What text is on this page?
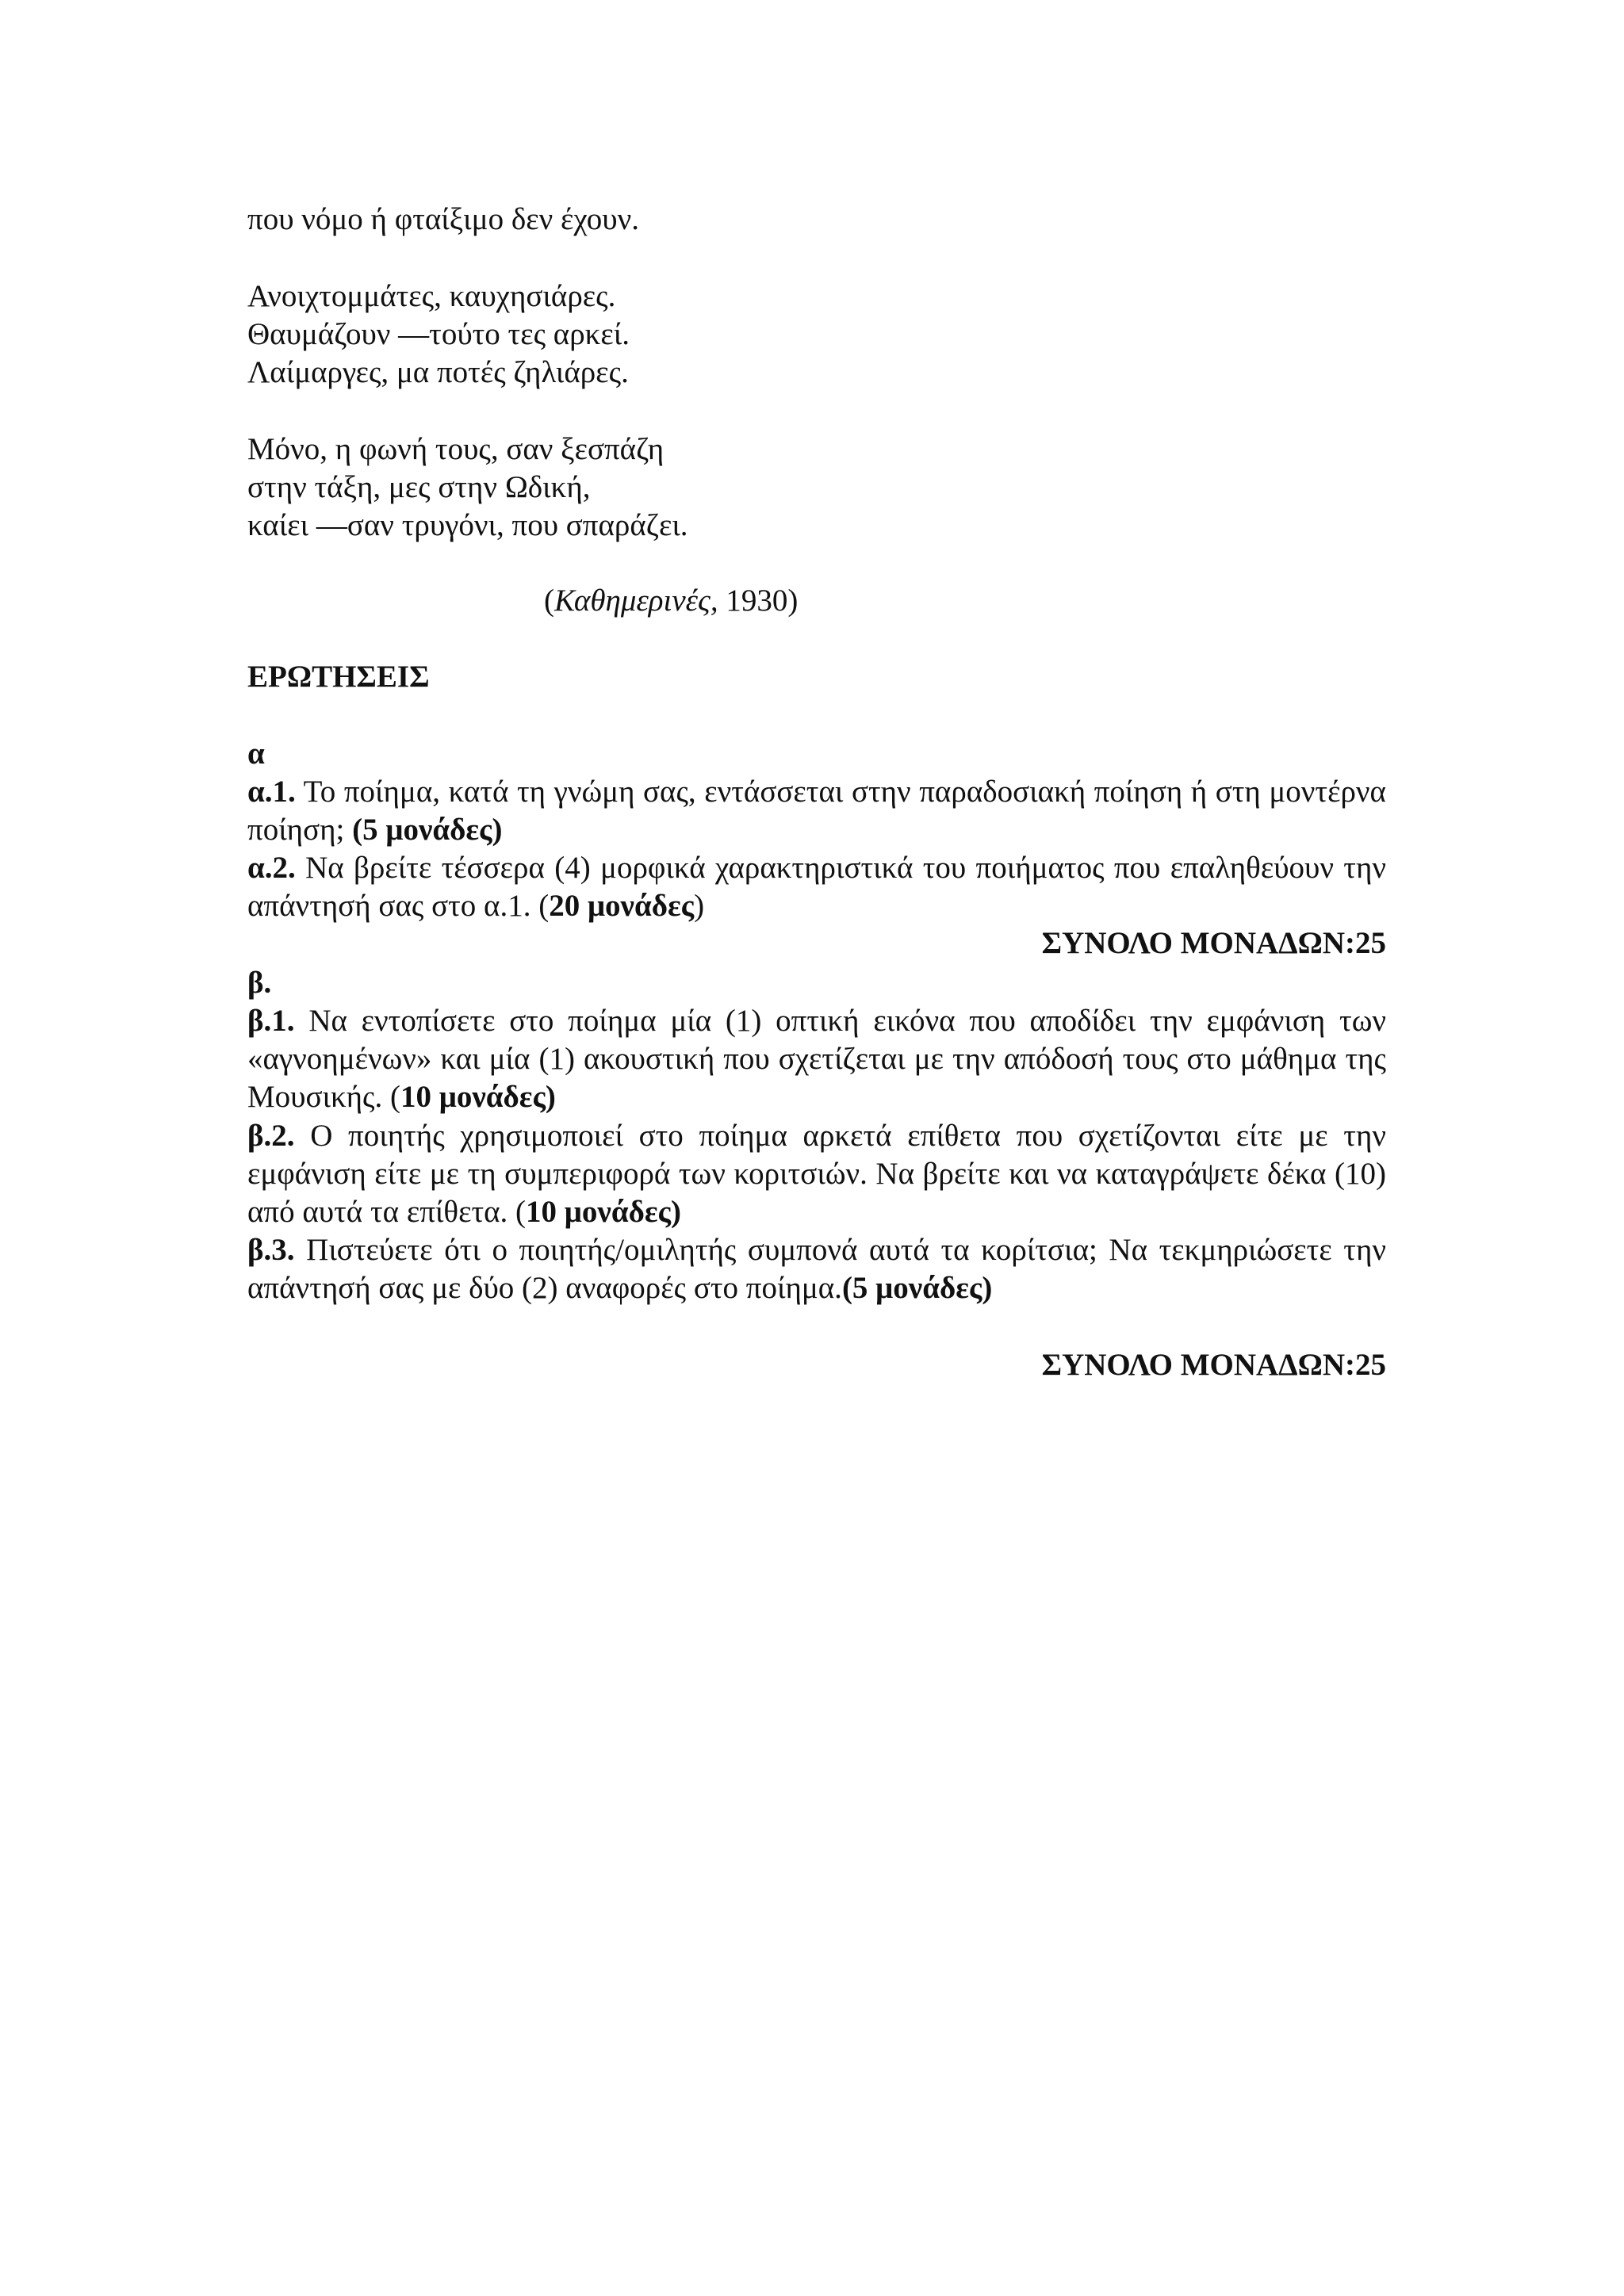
που νόμο ή φταίξιμο δεν έχουν.

Ανοιχτομμάτες, καυχησιάρες.

Θαυμάζουν —τούτο τες αρκεί.

Λαίμαργες, μα ποτές ζηλιάρες.

Μόνο, η φωνή τους, σαν ξεσπάζη

στην τάξη, μες στην Ωδική,

καίει —σαν τρυγόνι, που σπαράζει.

(Καθημερινές, 1930)

ΕΡΩΤΗΣΕΙΣ

α

α.1. Το ποίημα, κατά τη γνώμη σας, εντάσσεται στην παραδοσιακή ποίηση ή στη μοντέρνα ποίηση; (5 μονάδες)

α.2. Να βρείτε τέσσερα (4) μορφικά χαρακτηριστικά του ποιήματος που επαληθεύουν την απάντησή σας στο α.1. (20 μονάδες)

ΣΥΝΟΛΟ ΜΟΝΑΔΩΝ:25

β.

β.1. Να εντοπίσετε στο ποίημα μία (1) οπτική εικόνα που αποδίδει την εμφάνιση των «αγνοημένων» και μία (1) ακουστική που σχετίζεται με την απόδοσή τους στο μάθημα της Μουσικής. (10 μονάδες)

β.2. Ο ποιητής χρησιμοποιεί στο ποίημα αρκετά επίθετα που σχετίζονται είτε με την εμφάνιση είτε με τη συμπεριφορά των κοριτσιών. Να βρείτε και να καταγράψετε δέκα (10) από αυτά τα επίθετα. (10 μονάδες)

β.3. Πιστεύετε ότι ο ποιητής/ομιλητής συμπονά αυτά τα κορίτσια; Να τεκμηριώσετε την απάντησή σας με δύο (2) αναφορές στο ποίημα.(5 μονάδες)

ΣΥΝΟΛΟ ΜΟΝΑΔΩΝ:25
